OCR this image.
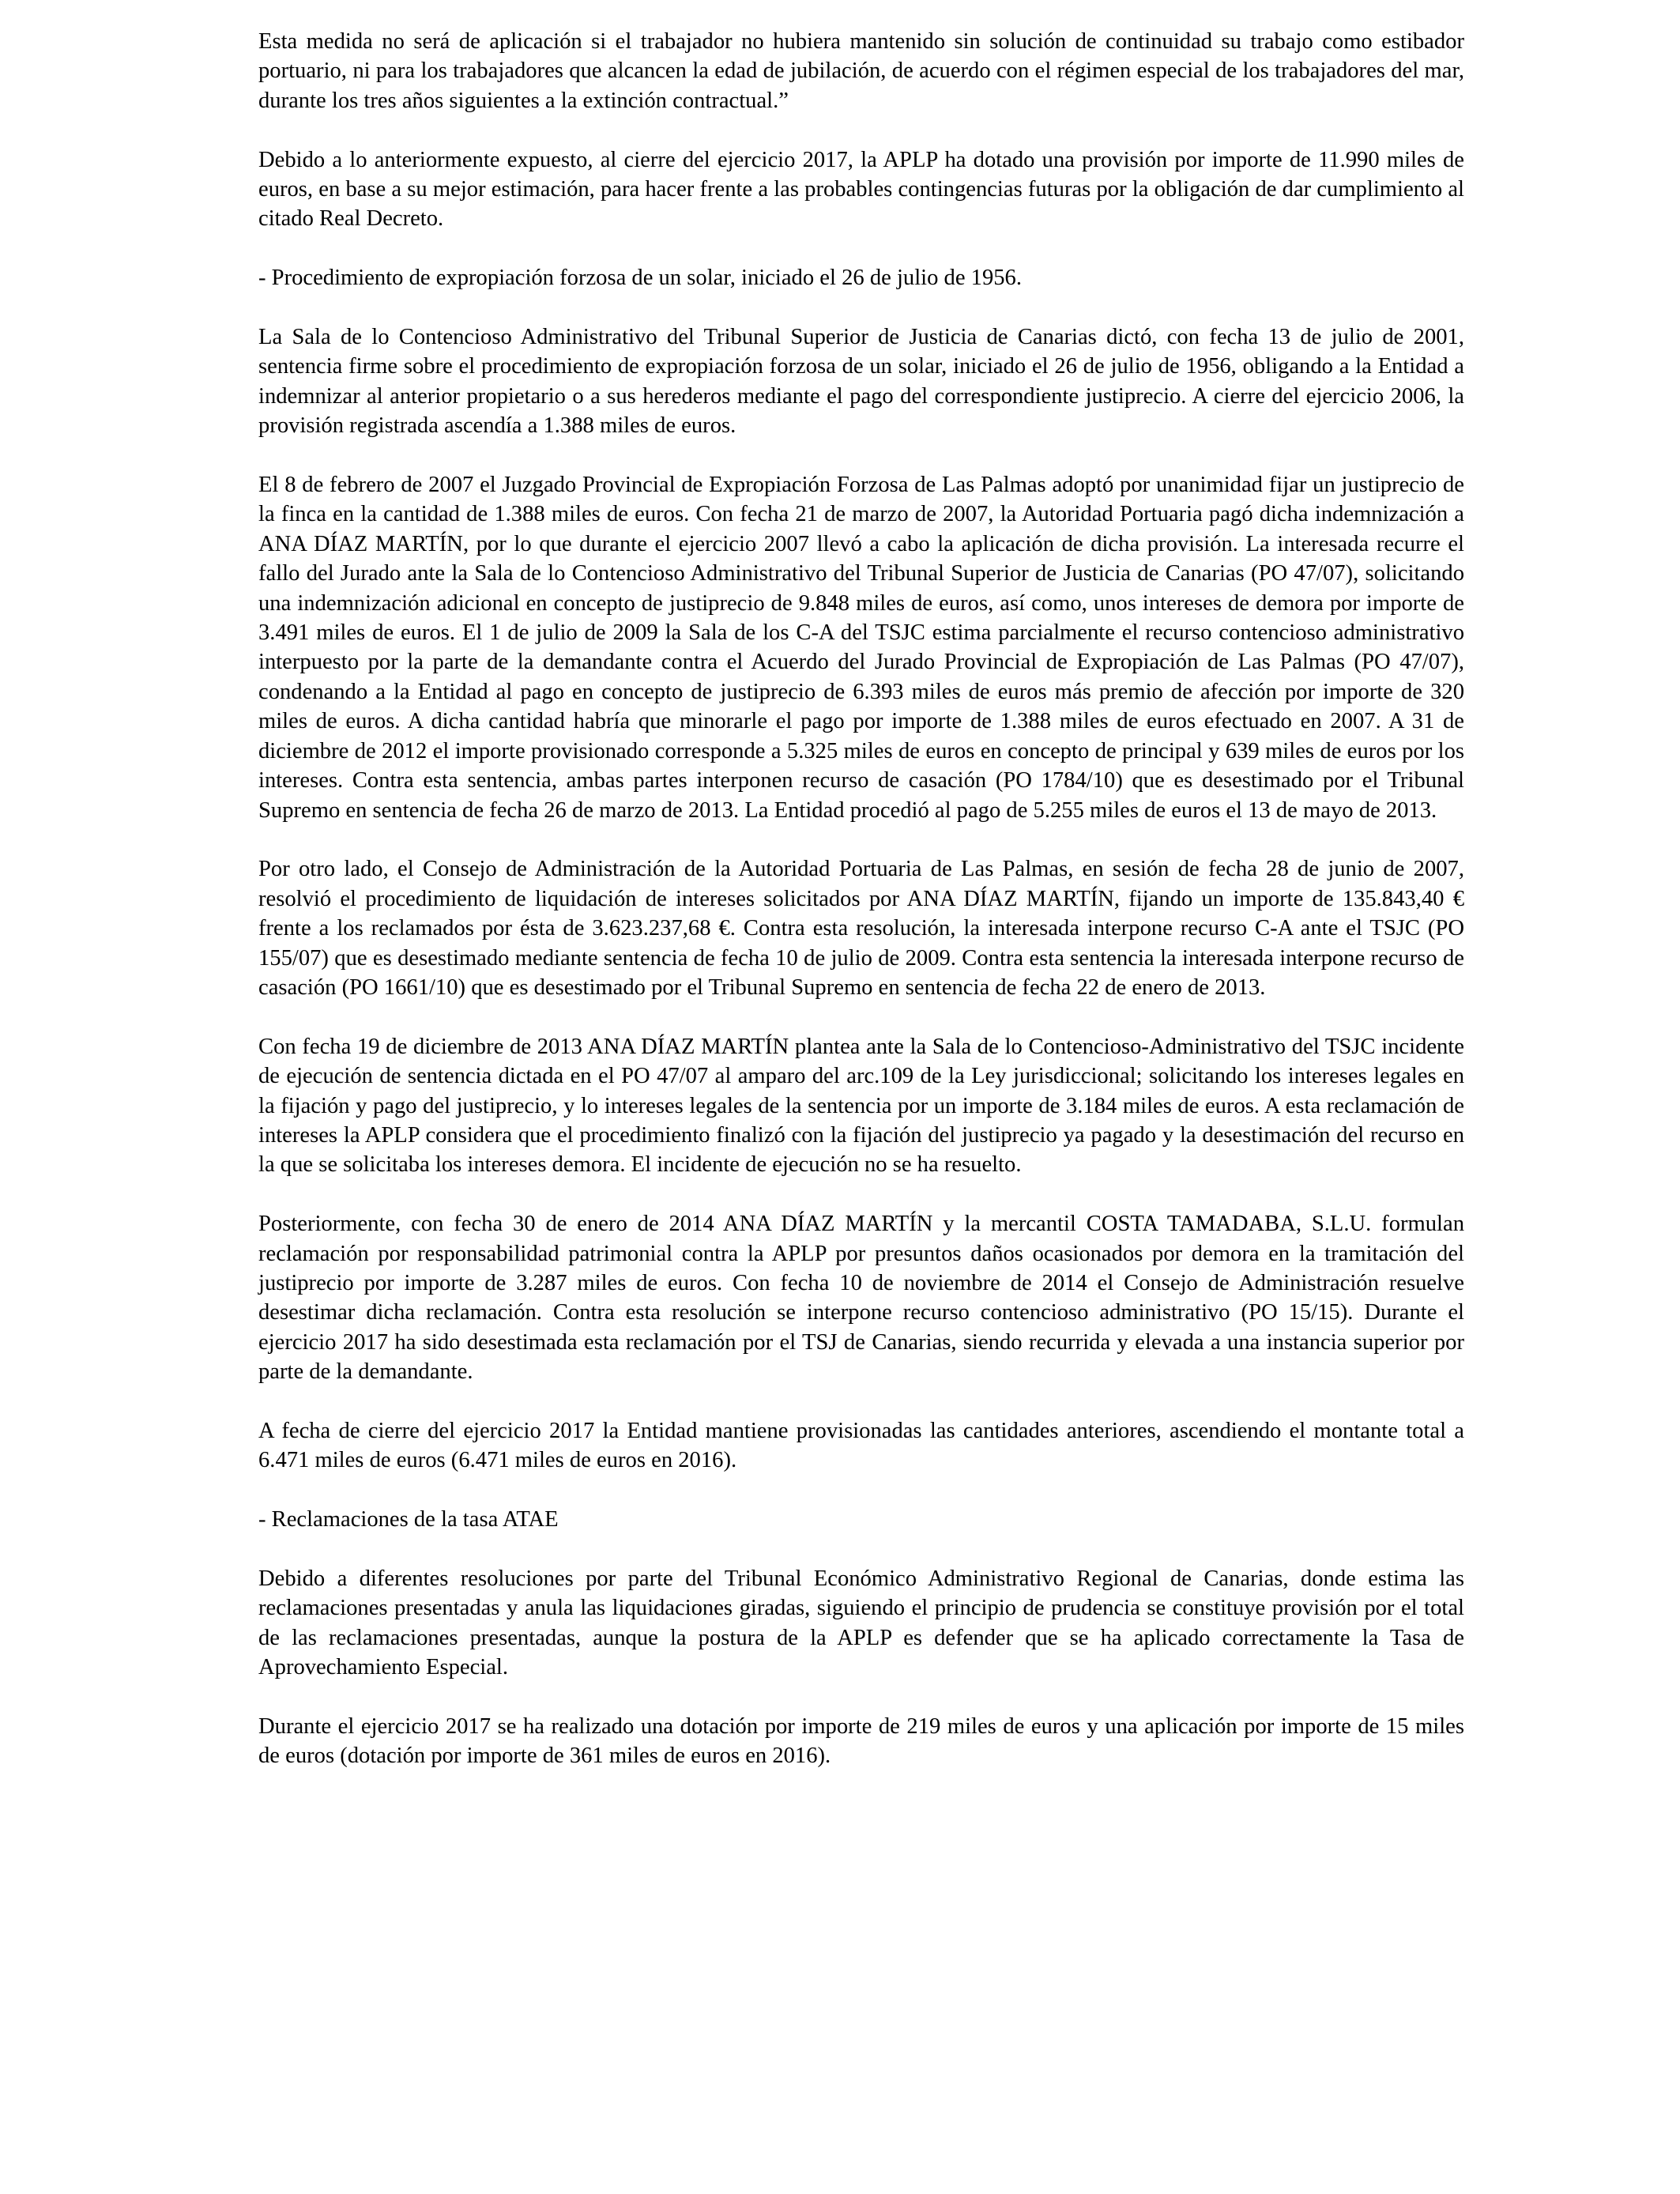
Esta medida no será de aplicación si el trabajador no hubiera mantenido sin solución de continuidad su trabajo como estibador portuario, ni para los trabajadores que alcancen la edad de jubilación, de acuerdo con el régimen especial de los trabajadores del mar, durante los tres años siguientes a la extinción contractual.”

Debido a lo anteriormente expuesto, al cierre del ejercicio 2017, la APLP ha dotado una provisión por importe de 11.990 miles de euros, en base a su mejor estimación, para hacer frente a las probables contingencias futuras por la obligación de dar cumplimiento al citado Real Decreto.

- Procedimiento de expropiación forzosa de un solar, iniciado el 26 de julio de 1956.

La Sala de lo Contencioso Administrativo del Tribunal Superior de Justicia de Canarias dictó, con fecha 13 de julio de 2001, sentencia firme sobre el procedimiento de expropiación forzosa de un solar, iniciado el 26 de julio de 1956, obligando a la Entidad a indemnizar al anterior propietario o a sus herederos mediante el pago del correspondiente justiprecio. A cierre del ejercicio 2006, la provisión registrada ascendía a 1.388 miles de euros.

El 8 de febrero de 2007 el Juzgado Provincial de Expropiación Forzosa de Las Palmas adoptó por unanimidad fijar un justiprecio de la finca en la cantidad de 1.388 miles de euros. Con fecha 21 de marzo de 2007, la Autoridad Portuaria pagó dicha indemnización a ANA DÍAZ MARTÍN, por lo que durante el ejercicio 2007 llevó a cabo la aplicación de dicha provisión. La interesada recurre el fallo del Jurado ante la Sala de lo Contencioso Administrativo del Tribunal Superior de Justicia de Canarias (PO 47/07), solicitando una indemnización adicional en concepto de justiprecio de 9.848 miles de euros, así como, unos intereses de demora por importe de 3.491 miles de euros. El 1 de julio de 2009 la Sala de los C-A del TSJC estima parcialmente el recurso contencioso administrativo interpuesto por la parte de la demandante contra el Acuerdo del Jurado Provincial de Expropiación de Las Palmas (PO 47/07), condenando a la Entidad al pago en concepto de justiprecio de 6.393 miles de euros más premio de afección por importe de 320 miles de euros. A dicha cantidad habría que minorarle el pago por importe de 1.388 miles de euros efectuado en 2007. A 31 de diciembre de 2012 el importe provisionado corresponde a 5.325 miles de euros en concepto de principal y 639 miles de euros por los intereses. Contra esta sentencia, ambas partes interponen recurso de casación (PO 1784/10) que es desestimado por el Tribunal Supremo en sentencia de fecha 26 de marzo de 2013. La Entidad procedió al pago de 5.255 miles de euros el 13 de mayo de 2013.

Por otro lado, el Consejo de Administración de la Autoridad Portuaria de Las Palmas, en sesión de fecha 28 de junio de 2007, resolvió el procedimiento de liquidación de intereses solicitados por ANA DÍAZ MARTÍN, fijando un importe de 135.843,40 € frente a los reclamados por ésta de 3.623.237,68 €. Contra esta resolución, la interesada interpone recurso C-A ante el TSJC (PO 155/07) que es desestimado mediante sentencia de fecha 10 de julio de 2009. Contra esta sentencia la interesada interpone recurso de casación (PO 1661/10) que es desestimado por el Tribunal Supremo en sentencia de fecha 22 de enero de 2013.

Con fecha 19 de diciembre de 2013 ANA DÍAZ MARTÍN plantea ante la Sala de lo Contencioso-Administrativo del TSJC incidente de ejecución de sentencia dictada en el PO 47/07 al amparo del arc.109 de la Ley jurisdiccional; solicitando los intereses legales en la fijación y pago del justiprecio, y lo intereses legales de la sentencia por un importe de 3.184 miles de euros. A esta reclamación de intereses la APLP considera que el procedimiento finalizó con la fijación del justiprecio ya pagado y la desestimación del recurso en la que se solicitaba los intereses demora. El incidente de ejecución no se ha resuelto.

Posteriormente, con fecha 30 de enero de 2014 ANA DÍAZ MARTÍN y la mercantil COSTA TAMADABA, S.L.U. formulan reclamación por responsabilidad patrimonial contra la APLP por presuntos daños ocasionados por demora en la tramitación del justiprecio por importe de 3.287 miles de euros. Con fecha 10 de noviembre de 2014 el Consejo de Administración resuelve desestimar dicha reclamación. Contra esta resolución se interpone recurso contencioso administrativo (PO 15/15). Durante el ejercicio 2017 ha sido desestimada esta reclamación por el TSJ de Canarias, siendo recurrida y elevada a una instancia superior por parte de la demandante.

A fecha de cierre del ejercicio 2017 la Entidad mantiene provisionadas las cantidades anteriores, ascendiendo el montante total a 6.471 miles de euros (6.471 miles de euros en 2016).

- Reclamaciones de la tasa ATAE

Debido a diferentes resoluciones por parte del Tribunal Económico Administrativo Regional de Canarias, donde estima las reclamaciones presentadas y anula las liquidaciones giradas, siguiendo el principio de prudencia se constituye provisión por el total de las reclamaciones presentadas, aunque la postura de la APLP es defender que se ha aplicado correctamente la Tasa de Aprovechamiento Especial.

Durante el ejercicio 2017 se ha realizado una dotación por importe de 219 miles de euros y una aplicación por importe de 15 miles de euros (dotación por importe de 361 miles de euros en 2016).
